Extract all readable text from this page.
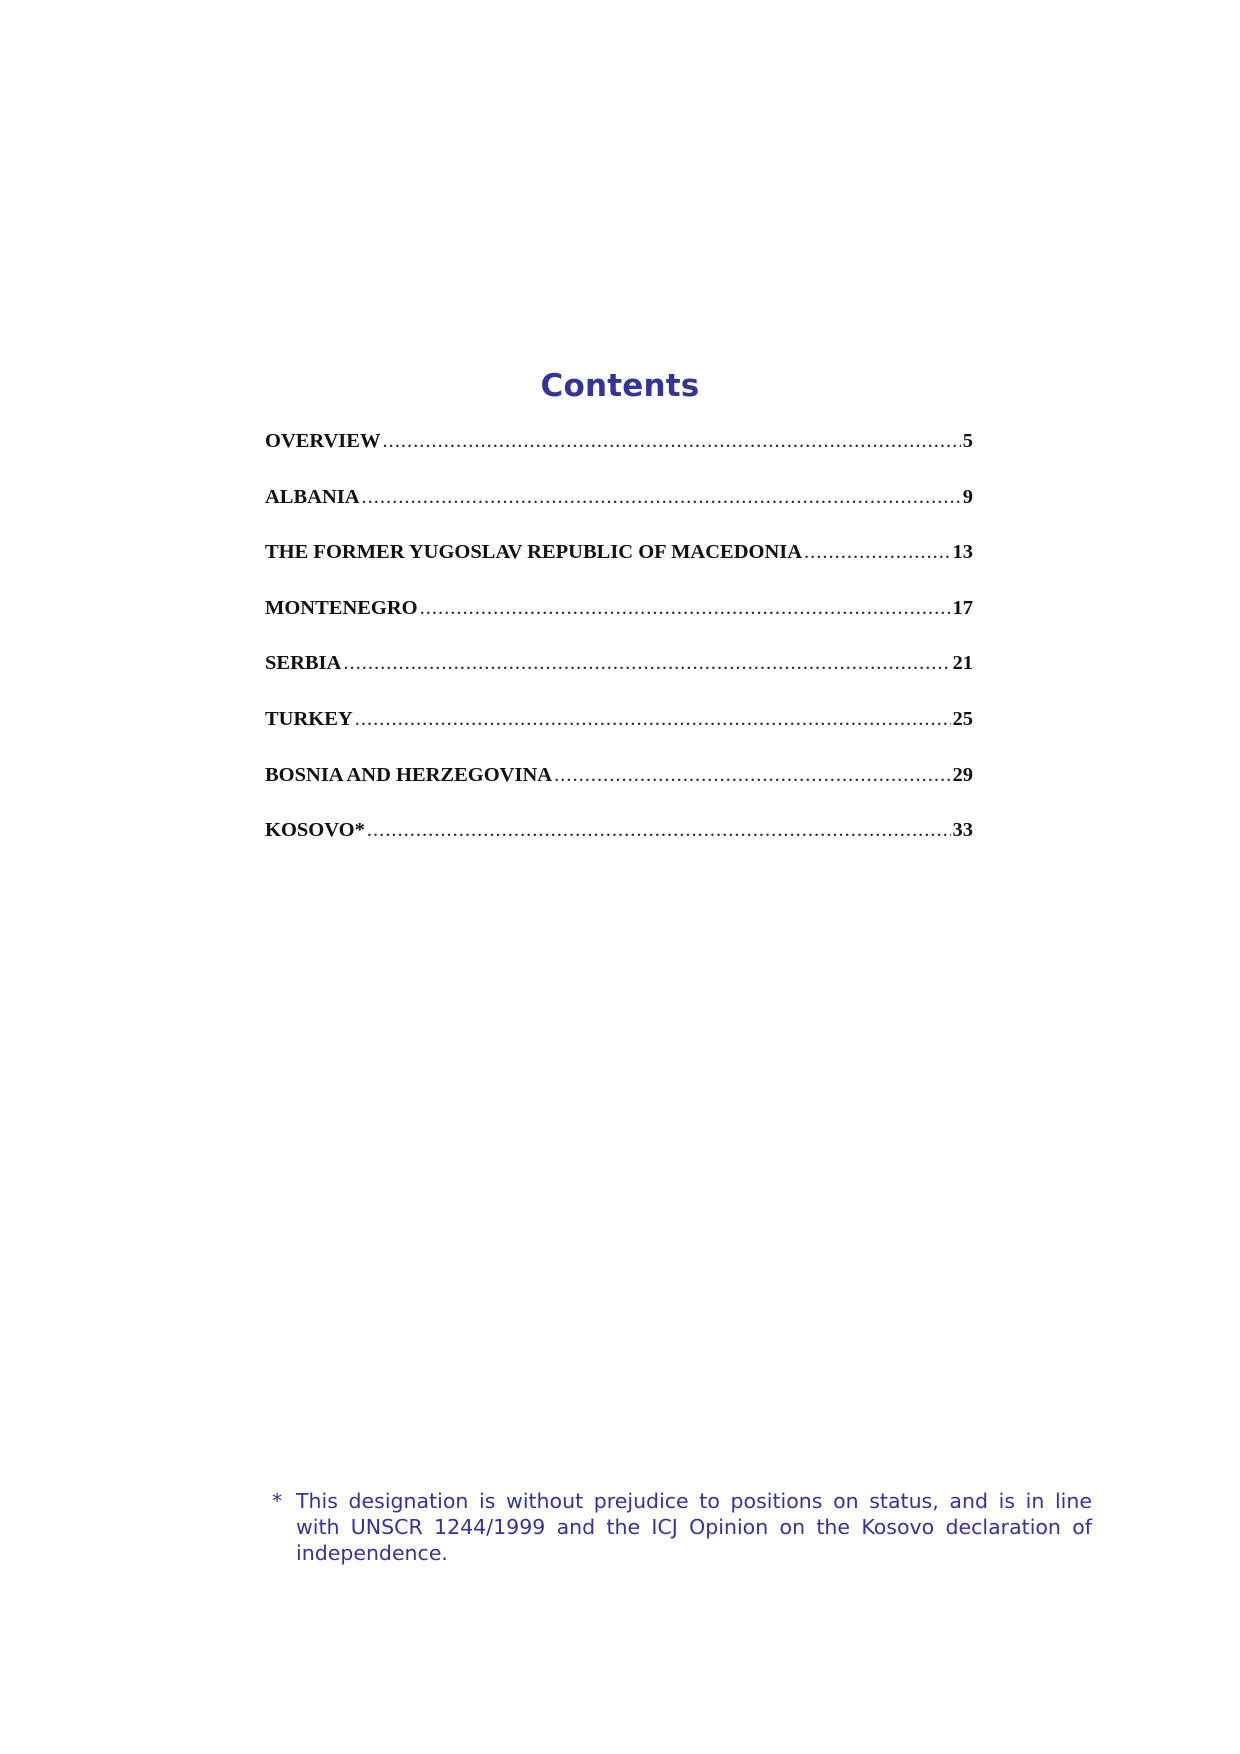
Contents
OVERVIEW .....	5
ALBANIA .....	9
THE FORMER YUGOSLAV REPUBLIC OF MACEDONIA .....	13
MONTENEGRO .....	17
SERBIA .....	21
TURKEY .....	25
BOSNIA AND HERZEGOVINA .....	29
KOSOVO* .....	33
* This designation is without prejudice to positions on status, and is in line with UNSCR 1244/1999 and the ICJ Opinion on the Kosovo declaration of independence.
